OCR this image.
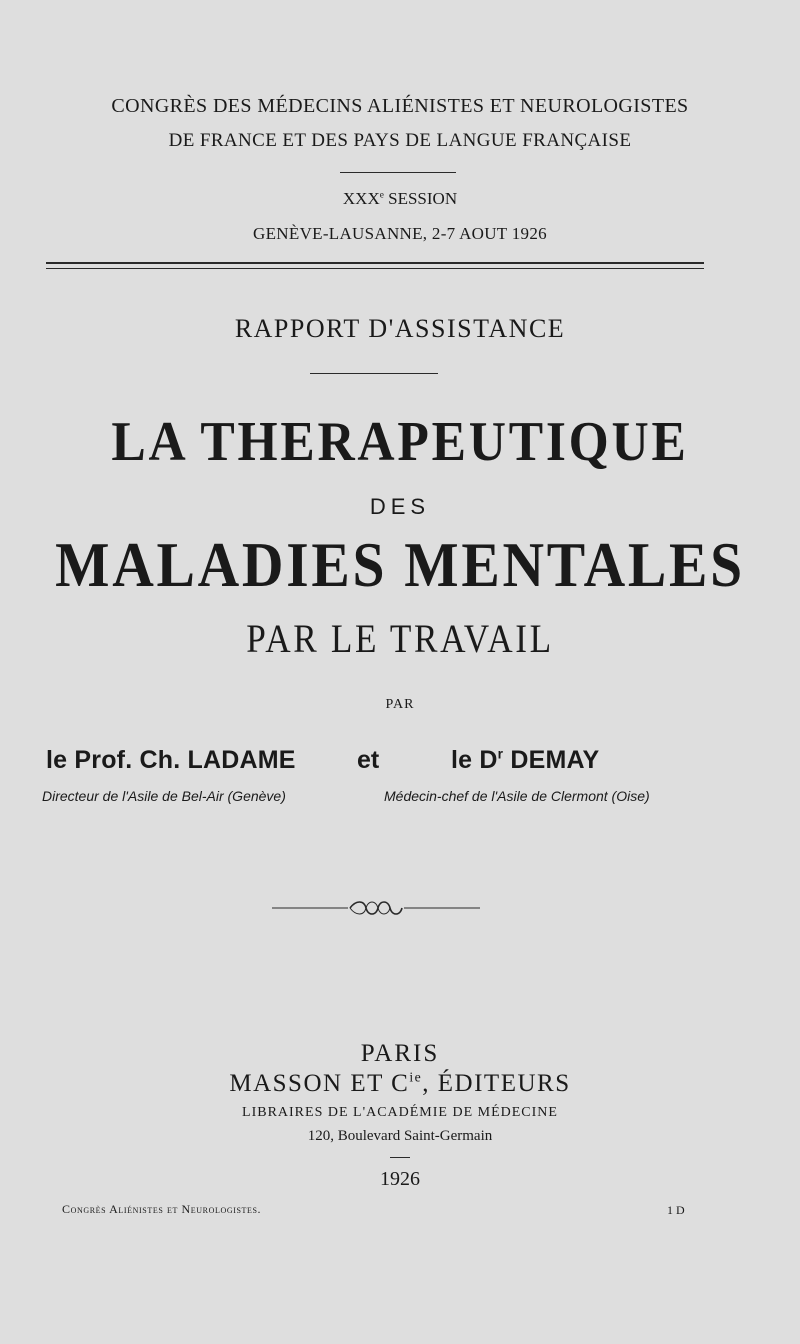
CONGRÈS DES MÉDECINS ALIÉNISTES ET NEUROLOGISTES
DE FRANCE ET DES PAYS DE LANGUE FRANÇAISE
XXXe SESSION
GENÈVE-LAUSANNE, 2-7 AOUT 1926
RAPPORT D'ASSISTANCE
LA THERAPEUTIQUE
DES
MALADIES MENTALES
PAR LE TRAVAIL
PAR
le Prof. Ch. LADAME et	le $D^r$ DEMAY
Directeur de l'Asile de Bel-Air (Genève)	Médecin-chef de l'Asile de Clermont (Oise)
PARIS
MASSON ET $C^{ie}$, ÉDITEURS
LIBRAIRES DE L'ACADÉMIE DE MÉDECINE
120, Boulevard Saint-Germain
1926
Congrès Aliénistes et Neurologistes.	1 D
